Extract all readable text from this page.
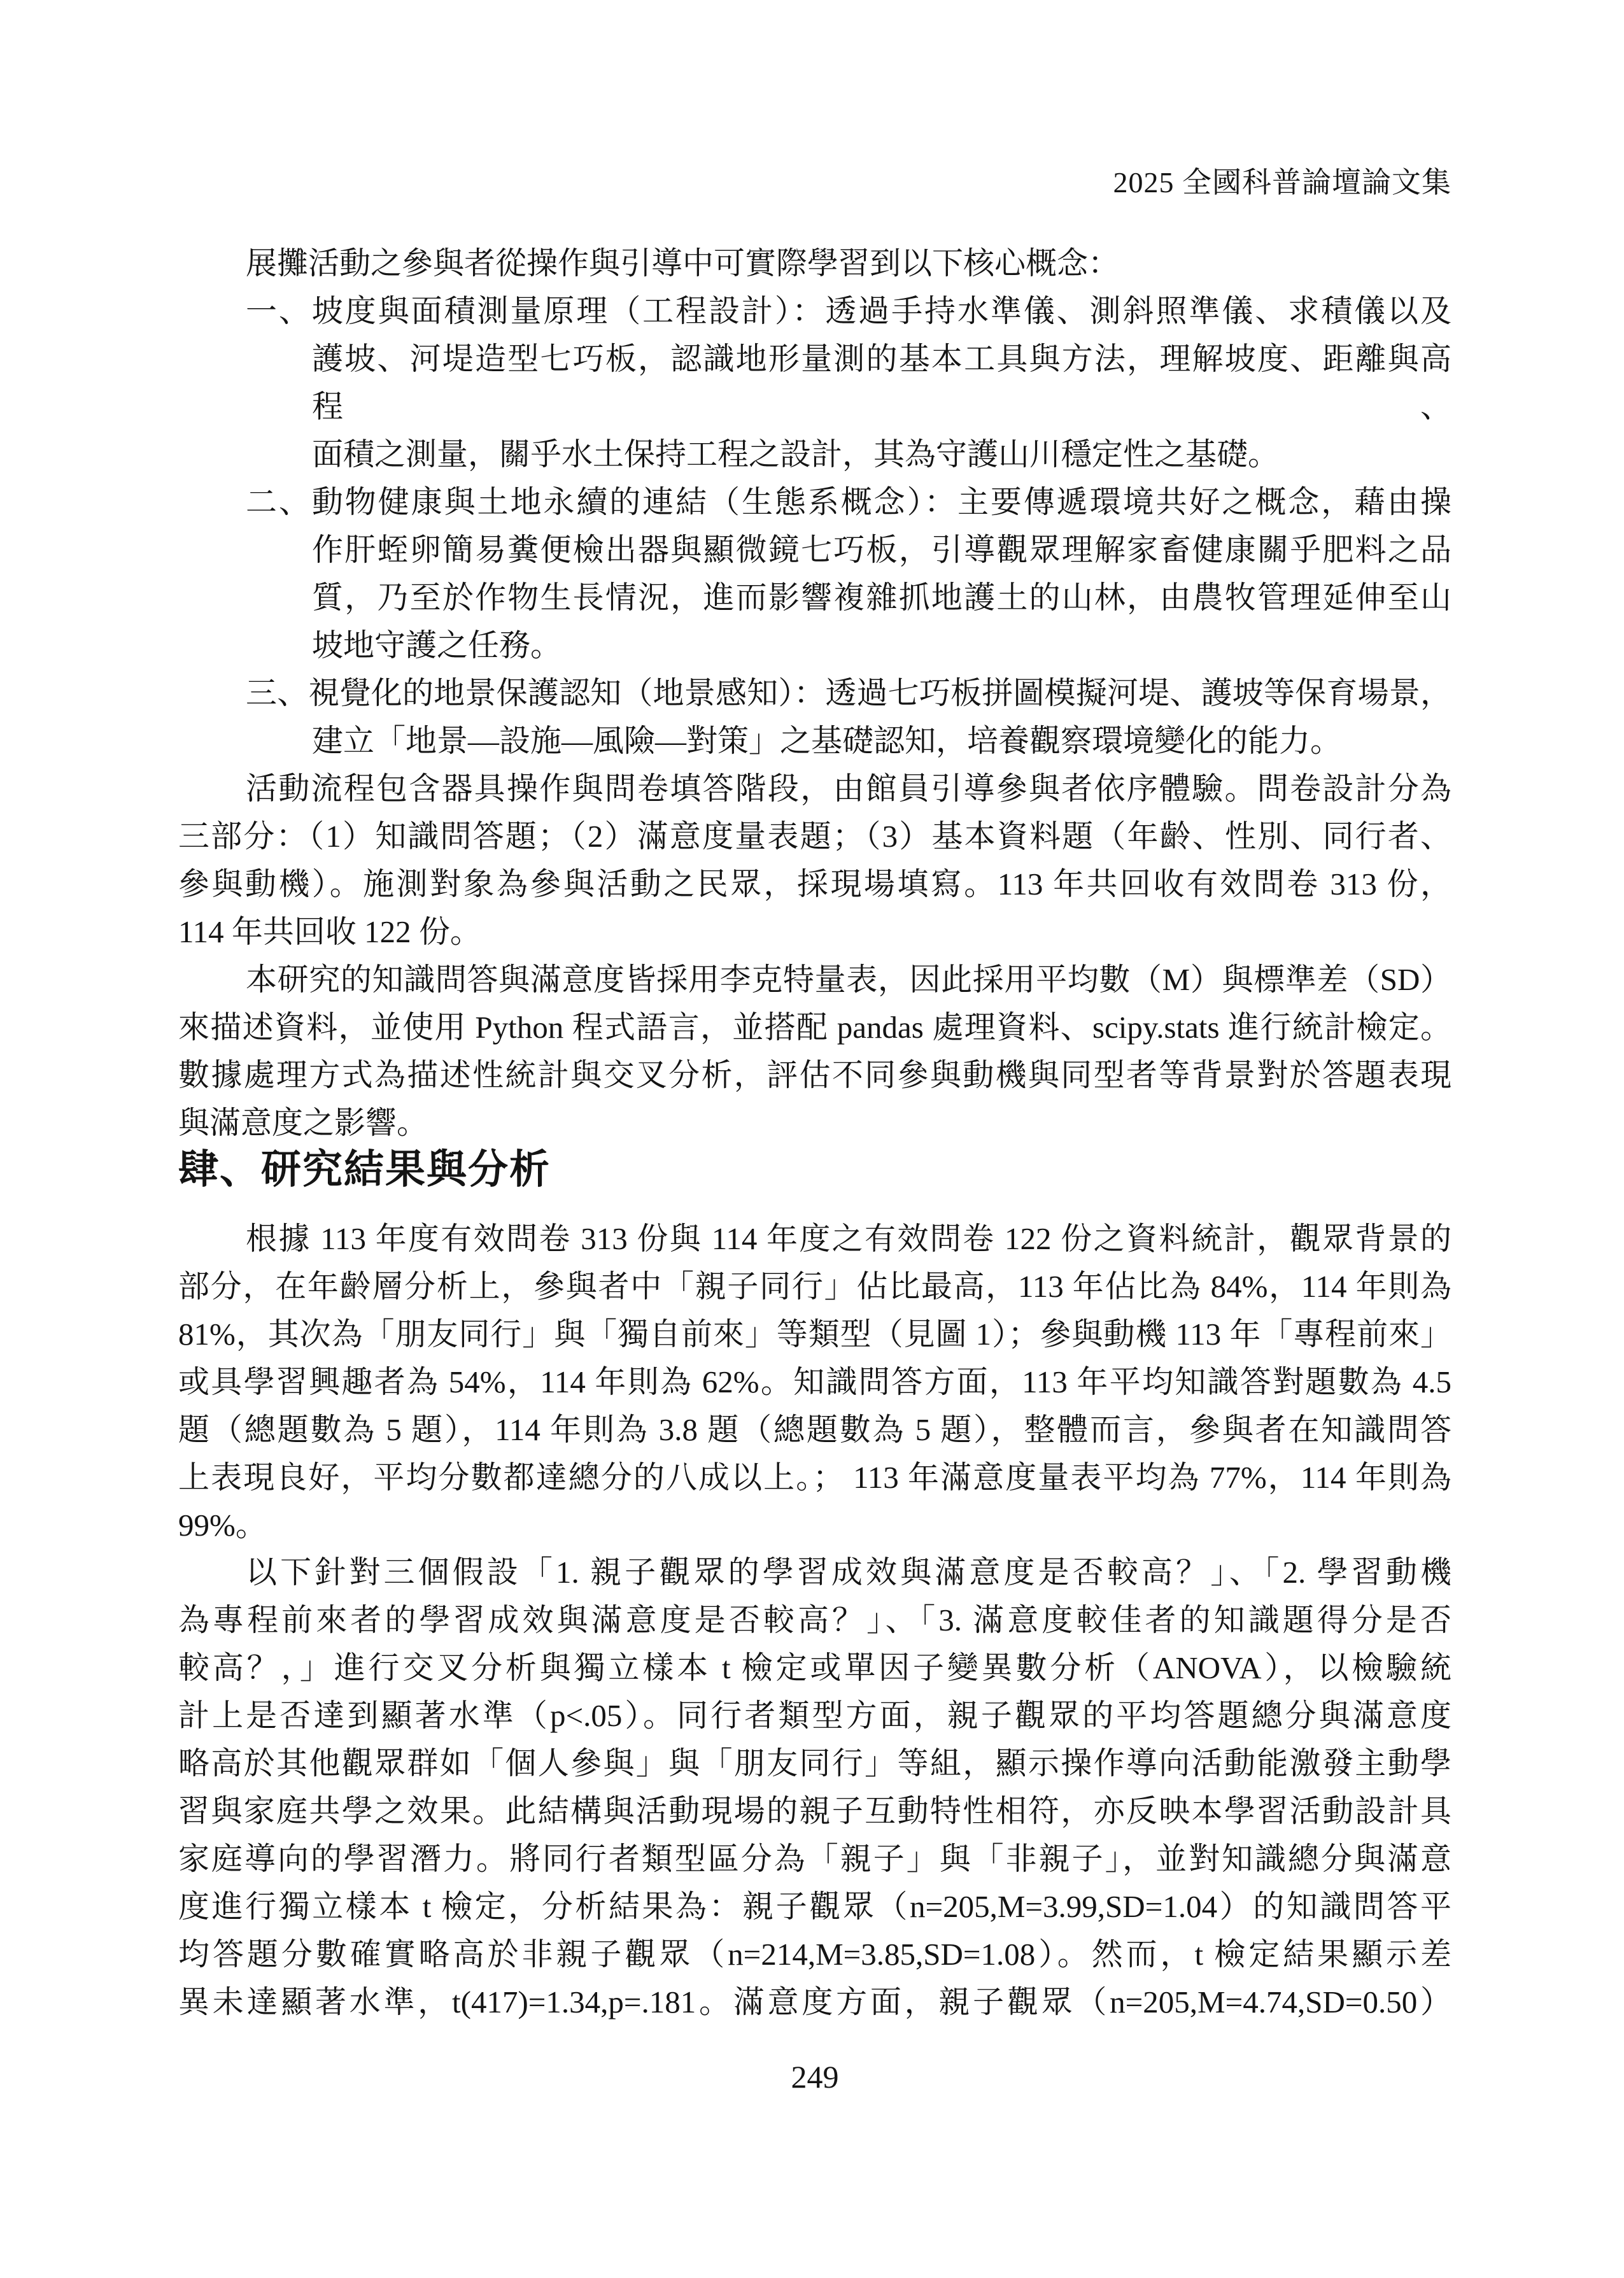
2025 全國科普論壇論文集
展攤活動之參與者從操作與引導中可實際學習到以下核心概念：
一、坡度與面積測量原理（工程設計）：透過手持水準儀、測斜照準儀、求積儀以及
護坡、河堤造型七巧板，認識地形量測的基本工具與方法，理解坡度、距離與高程、
面積之測量，關乎水土保持工程之設計，其為守護山川穩定性之基礎。
二、動物健康與土地永續的連結（生態系概念）：主要傳遞環境共好之概念，藉由操
作肝蛭卵簡易糞便檢出器與顯微鏡七巧板，引導觀眾理解家畜健康關乎肥料之品
質，乃至於作物生長情況，進而影響複雜抓地護土的山林，由農牧管理延伸至山
坡地守護之任務。
三、視覺化的地景保護認知（地景感知）：透過七巧板拼圖模擬河堤、護坡等保育場景，
建立「地景—設施—風險—對策」之基礎認知，培養觀察環境變化的能力。
活動流程包含器具操作與問卷填答階段，由館員引導參與者依序體驗。問卷設計分為
三部分：（1）知識問答題；（2）滿意度量表題；（3）基本資料題（年齡、性別、同行者、
參與動機）。施測對象為參與活動之民眾，採現場填寫。113 年共回收有效問卷 313 份，
114 年共回收 122 份。
本研究的知識問答與滿意度皆採用李克特量表，因此採用平均數（M）與標準差（SD）
來描述資料，並使用 Python 程式語言，並搭配 pandas 處理資料、scipy.stats 進行統計檢定。
數據處理方式為描述性統計與交叉分析，評估不同參與動機與同型者等背景對於答題表現
與滿意度之影響。
肆、研究結果與分析
根據 113 年度有效問卷 313 份與 114 年度之有效問卷 122 份之資料統計，觀眾背景的
部分，在年齡層分析上，參與者中「親子同行」佔比最高，113 年佔比為 84%，114 年則為
81%，其次為「朋友同行」與「獨自前來」等類型（見圖 1）；參與動機 113 年「專程前來」
或具學習興趣者為 54%，114 年則為 62%。知識問答方面，113 年平均知識答對題數為 4.5
題（總題數為 5 題），114 年則為 3.8 題（總題數為 5 題），整體而言，參與者在知識問答
上表現良好，平均分數都達總分的八成以上。； 113 年滿意度量表平均為 77%，114 年則為
99%。
以下針對三個假設「1. 親子觀眾的學習成效與滿意度是否較高？」、「2. 學習動機
為專程前來者的學習成效與滿意度是否較高？」、「3. 滿意度較佳者的知識題得分是否
較高？，」進行交叉分析與獨立樣本 t 檢定或單因子變異數分析（ANOVA），以檢驗統
計上是否達到顯著水準（p<.05）。同行者類型方面，親子觀眾的平均答題總分與滿意度
略高於其他觀眾群如「個人參與」與「朋友同行」等組，顯示操作導向活動能激發主動學
習與家庭共學之效果。此結構與活動現場的親子互動特性相符，亦反映本學習活動設計具
家庭導向的學習潛力。將同行者類型區分為「親子」與「非親子」，並對知識總分與滿意
度進行獨立樣本 t 檢定，分析結果為：親子觀眾（n=205,M=3.99,SD=1.04）的知識問答平
均答題分數確實略高於非親子觀眾（n=214,M=3.85,SD=1.08）。然而，t 檢定結果顯示差
異未達顯著水準，t(417)=1.34,p=.181。滿意度方面，親子觀眾（n=205,M=4.74,SD=0.50）
249
